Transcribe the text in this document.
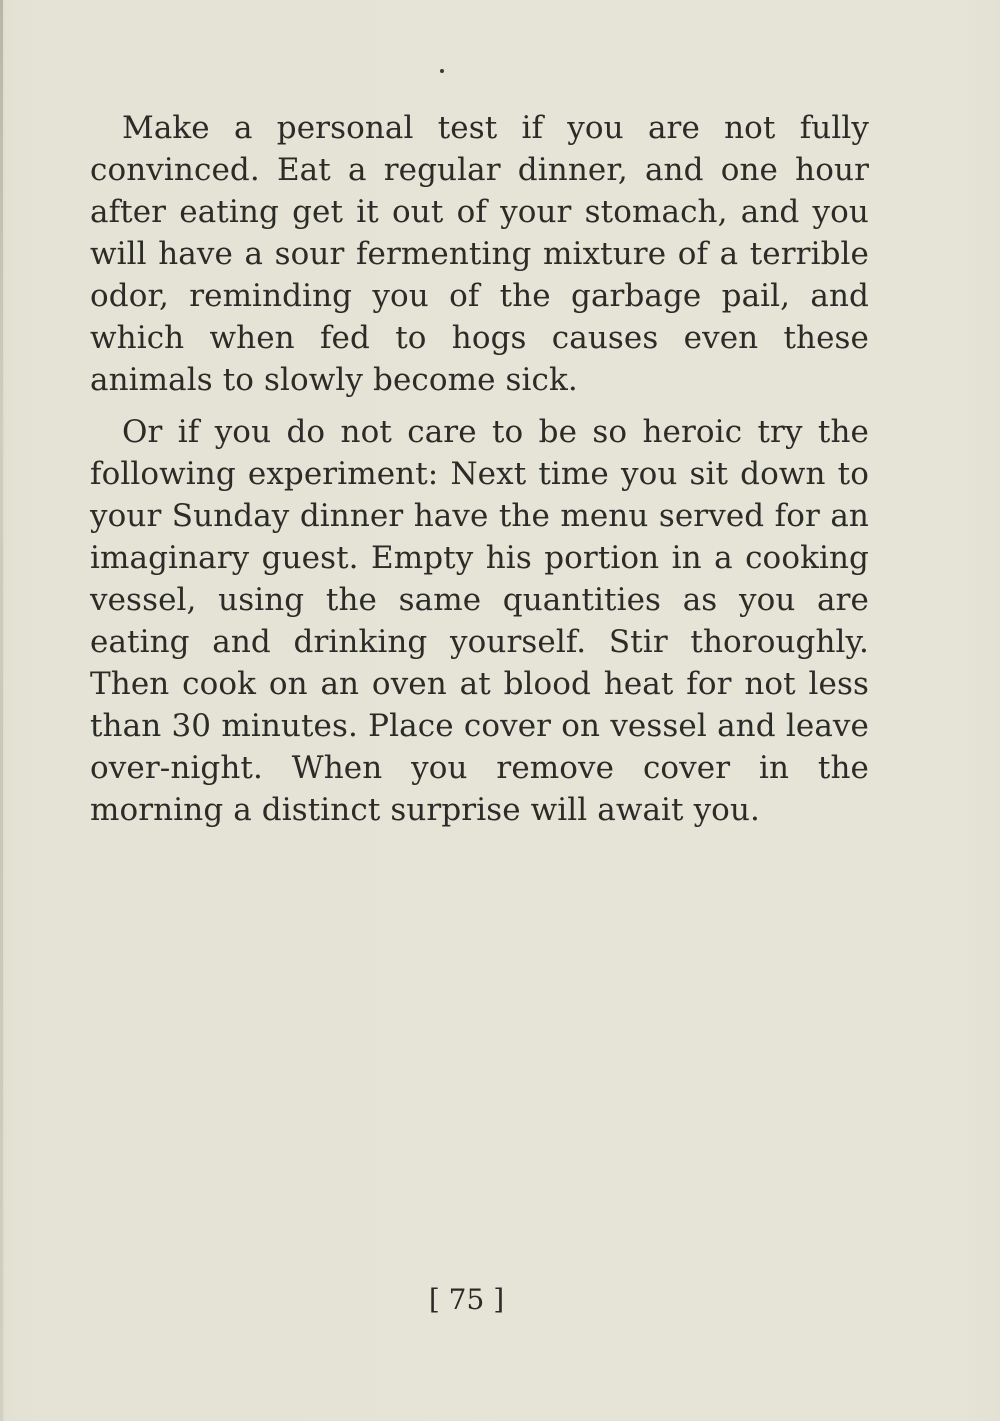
Make a personal test if you are not fully convinced. Eat a regular dinner, and one hour after eating get it out of your stomach, and you will have a sour fermenting mixture of a terrible odor, reminding you of the garbage pail, and which when fed to hogs causes even these animals to slowly become sick.

Or if you do not care to be so heroic try the following experiment: Next time you sit down to your Sunday dinner have the menu served for an imaginary guest. Empty his portion in a cooking vessel, using the same quantities as you are eating and drinking yourself. Stir thoroughly. Then cook on an oven at blood heat for not less than 30 minutes. Place cover on vessel and leave over-night. When you remove cover in the morning a distinct surprise will await you.

[ 75 ]
